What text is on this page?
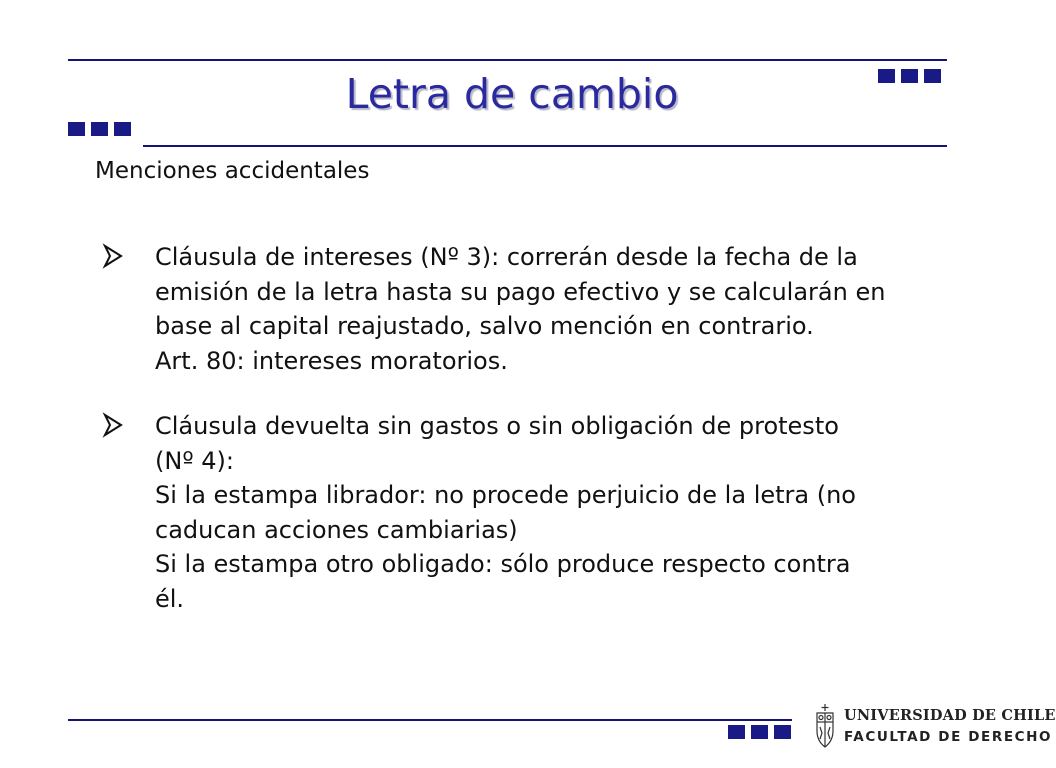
Letra de cambio
Menciones accidentales
Cláusula de intereses (Nº 3): correrán desde la fecha de la
emisión de la letra hasta su pago efectivo y se calcularán en
base al capital reajustado, salvo mención en contrario.
Art. 80: intereses moratorios.
Cláusula devuelta sin gastos o sin obligación de protesto
(Nº 4):
Si la estampa librador: no procede perjuicio de la letra (no
caducan acciones cambiarias)
Si la estampa otro obligado: sólo produce respecto contra
él.
UNIVERSIDAD DE CHILE
FACULTAD DE DERECHO
